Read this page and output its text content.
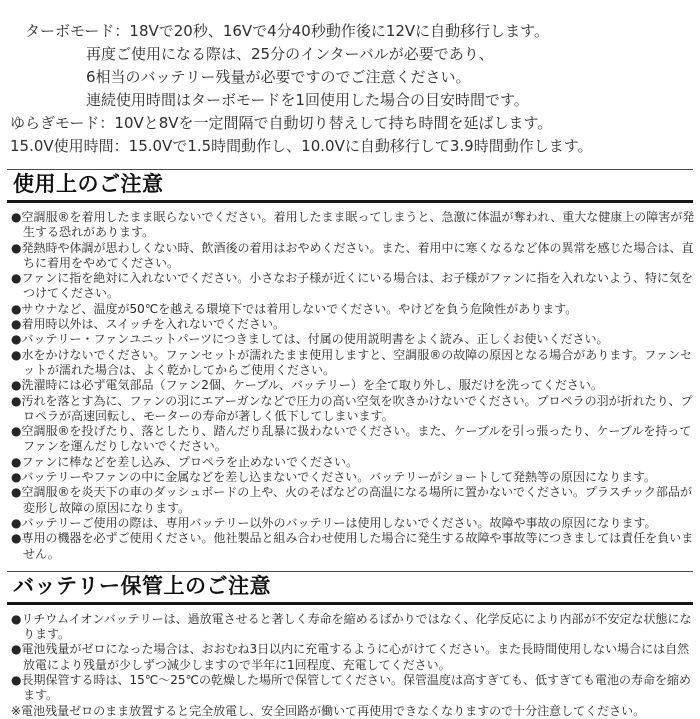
ターボモード：18Vで20秒、16Vで4分40秒動作後に12Vに自動移行します。
再度ご使用になる際は、25分のインターバルが必要であり、
6相当のバッテリー残量が必要ですのでご注意ください。
連続使用時間はターボモードを1回使用した場合の目安時間です。
ゆらぎモード：10Vと8Vを一定間隔で自動切り替えして持ち時間を延ばします。
15.0V使用時間：15.0Vで1.5時間動作し、10.0Vに自動移行して3.9時間動作します。
使用上のご注意
●空調服®を着用したまま眠らないでください。着用したまま眠ってしまうと、急激に体温が奪われ、重大な健康上の障害が発生する恐れがあります。
●発熱時や体調が思わしくない時、飲酒後の着用はおやめください。また、着用中に寒くなるなど体の異常を感じた場合は、直ちに着用をやめてください。
●ファンに指を絶対に入れないでください。小さなお子様が近くにいる場合は、お子様がファンに指を入れないよう、特に気をつけてください。
●サウナなど、温度が50℃を越える環境下では着用しないでください。やけどを負う危険性があります。
●着用時以外は、スイッチを入れないでください。
●バッテリー・ファンユニットパーツにつきましては、付属の使用説明書をよく読み、正しくお使いください。
●水をかけないでください。ファンセットが濡れたまま使用しますと、空調服®の故障の原因となる場合があります。ファンセットが濡れた場合は、よく乾かしてからご使用ください。
●洗濯時には必ず電気部品（ファン2個、ケーブル、バッテリー）を全て取り外し、服だけを洗ってください。
●汚れを落とす為に、ファンの羽にエアーガンなどで圧力の高い空気を吹きかけないでください。プロペラの羽が折れたり、プロペラが高速回転し、モーターの寿命が著しく低下してしまいます。
●空調服®を投げたり、落としたり、踏んだり乱暴に扱わないでください。また、ケーブルを引っ張ったり、ケーブルを持ってファンを運んだりしないでください。
●ファンに棒などを差し込み、プロペラを止めないでください。
●バッテリーやファンの中に金属などを差し込まないでください。バッテリーがショートして発熱等の原因になります。
●空調服®を炎天下の車のダッシュボードの上や、火のそばなどの高温になる場所に置かないでください。プラスチック部品が変形し故障の原因になります。
●バッテリーご使用の際は、専用バッテリー以外のバッテリーは使用しないでください。故障や事故の原因になります。
●専用の機器を必ずご使用ください。他社製品と組み合わせ使用した場合に発生する故障や事故等につきましては責任を負いません。
バッテリー保管上のご注意
●リチウムイオンバッテリーは、過放電させると著しく寿命を縮めるばかりではなく、化学反応により内部が不安定な状態になります。
●電池残量がゼロになった場合は、おおむね3日以内に充電するように心がけてください。また長時間使用しない場合には自然放電により残量が少しずつ減少しますので半年に1回程度、充電してください。
●長期保管する時は、15℃〜25℃の乾燥した場所で保管してください。保管温度は高すぎても、低すぎても電池の寿命を縮めます。
※電池残量ゼロのまま放置すると完全放電し、安全回路が働いて再使用できなくなりますので十分注意してください。
